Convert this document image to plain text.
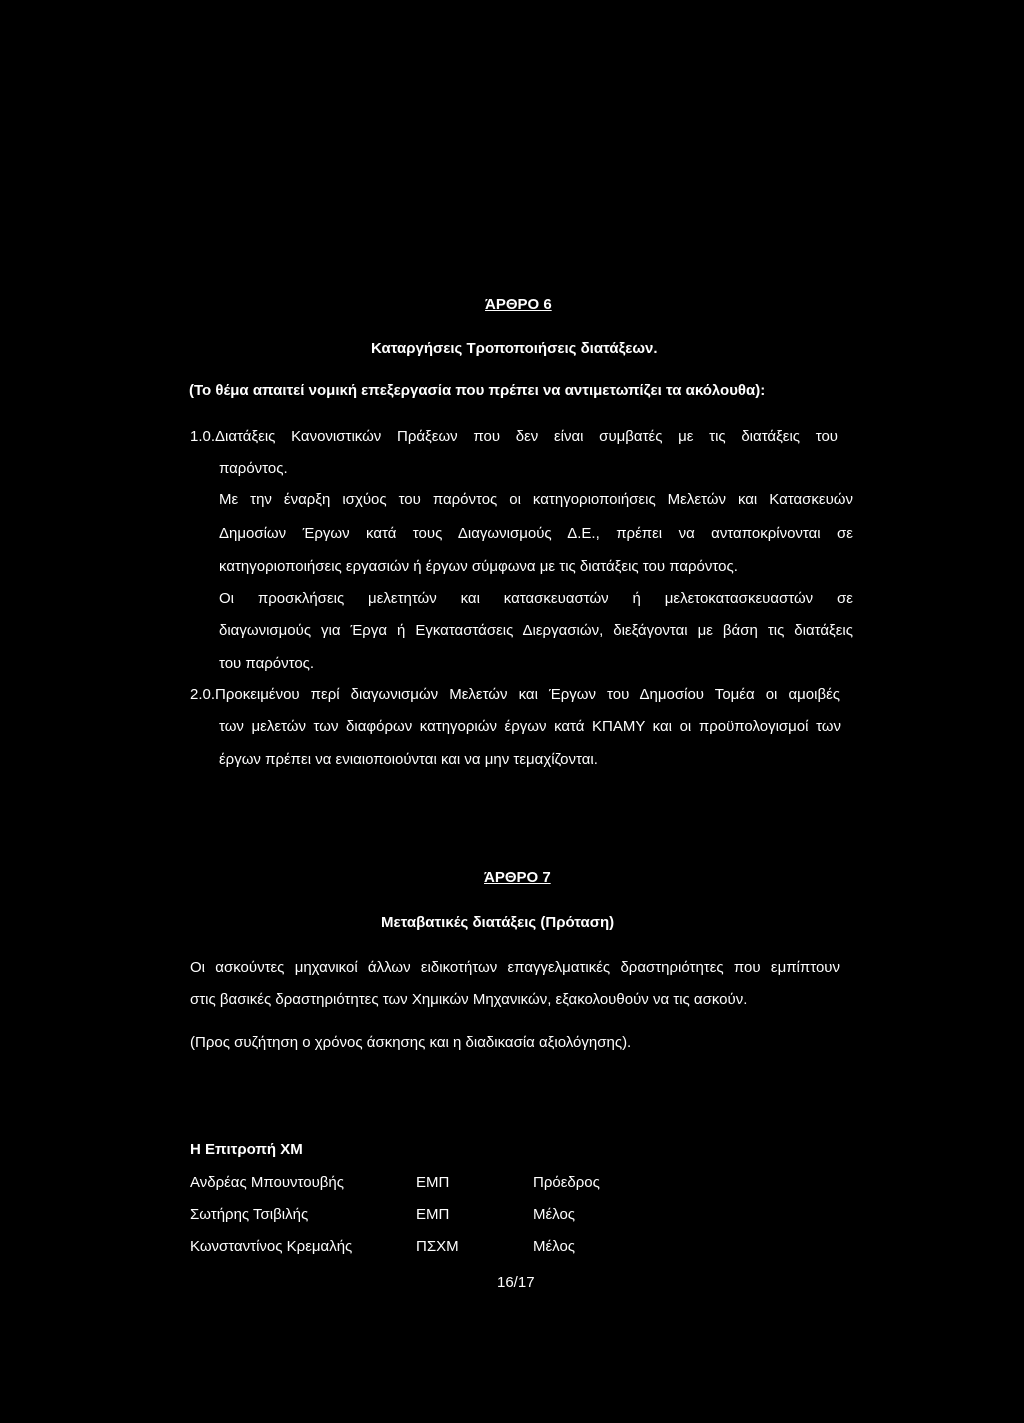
ΆΡΘΡΟ 6
Καταργήσεις Τροποποιήσεις διατάξεων.
(Το θέμα απαιτεί νομική επεξεργασία που πρέπει να αντιμετωπίζει τα ακόλουθα):
1.0.Διατάξεις Κανονιστικών Πράξεων που δεν είναι συμβατές με τις διατάξεις του
παρόντος.
Με την έναρξη ισχύος του παρόντος οι κατηγοριοποιήσεις Μελετών και Κατασκευών
Δημοσίων Έργων κατά τους Διαγωνισμούς Δ.Ε., πρέπει να ανταποκρίνονται σε
κατηγοριοποιήσεις εργασιών ή έργων σύμφωνα με τις διατάξεις του παρόντος.
Οι προσκλήσεις μελετητών και κατασκευαστών ή μελετοκατασκευαστών σε
διαγωνισμούς για Έργα ή Εγκαταστάσεις Διεργασιών, διεξάγονται με βάση τις διατάξεις
του παρόντος.
2.0.Προκειμένου περί διαγωνισμών Μελετών και Έργων του Δημοσίου Τομέα οι αμοιβές
των μελετών των διαφόρων κατηγοριών έργων κατά ΚΠΑΜΥ και οι προϋπολογισμοί των
έργων πρέπει να ενιαιοποιούνται και να μην τεμαχίζονται.
ΆΡΘΡΟ 7
Μεταβατικές διατάξεις (Πρόταση)
Οι ασκούντες μηχανικοί άλλων ειδικοτήτων επαγγελματικές δραστηριότητες που εμπίπτουν
στις βασικές δραστηριότητες των Χημικών Μηχανικών, εξακολουθούν να τις ασκούν.
(Προς συζήτηση ο χρόνος άσκησης και η διαδικασία αξιολόγησης).
Η Επιτροπή ΧΜ
Ανδρέας Μπουντουβής	ΕΜΠ	Πρόεδρος
Σωτήρης Τσιβιλής	ΕΜΠ	Μέλος
Κωνσταντίνος Κρεμαλής	ΠΣΧΜ	Μέλος
16/17
